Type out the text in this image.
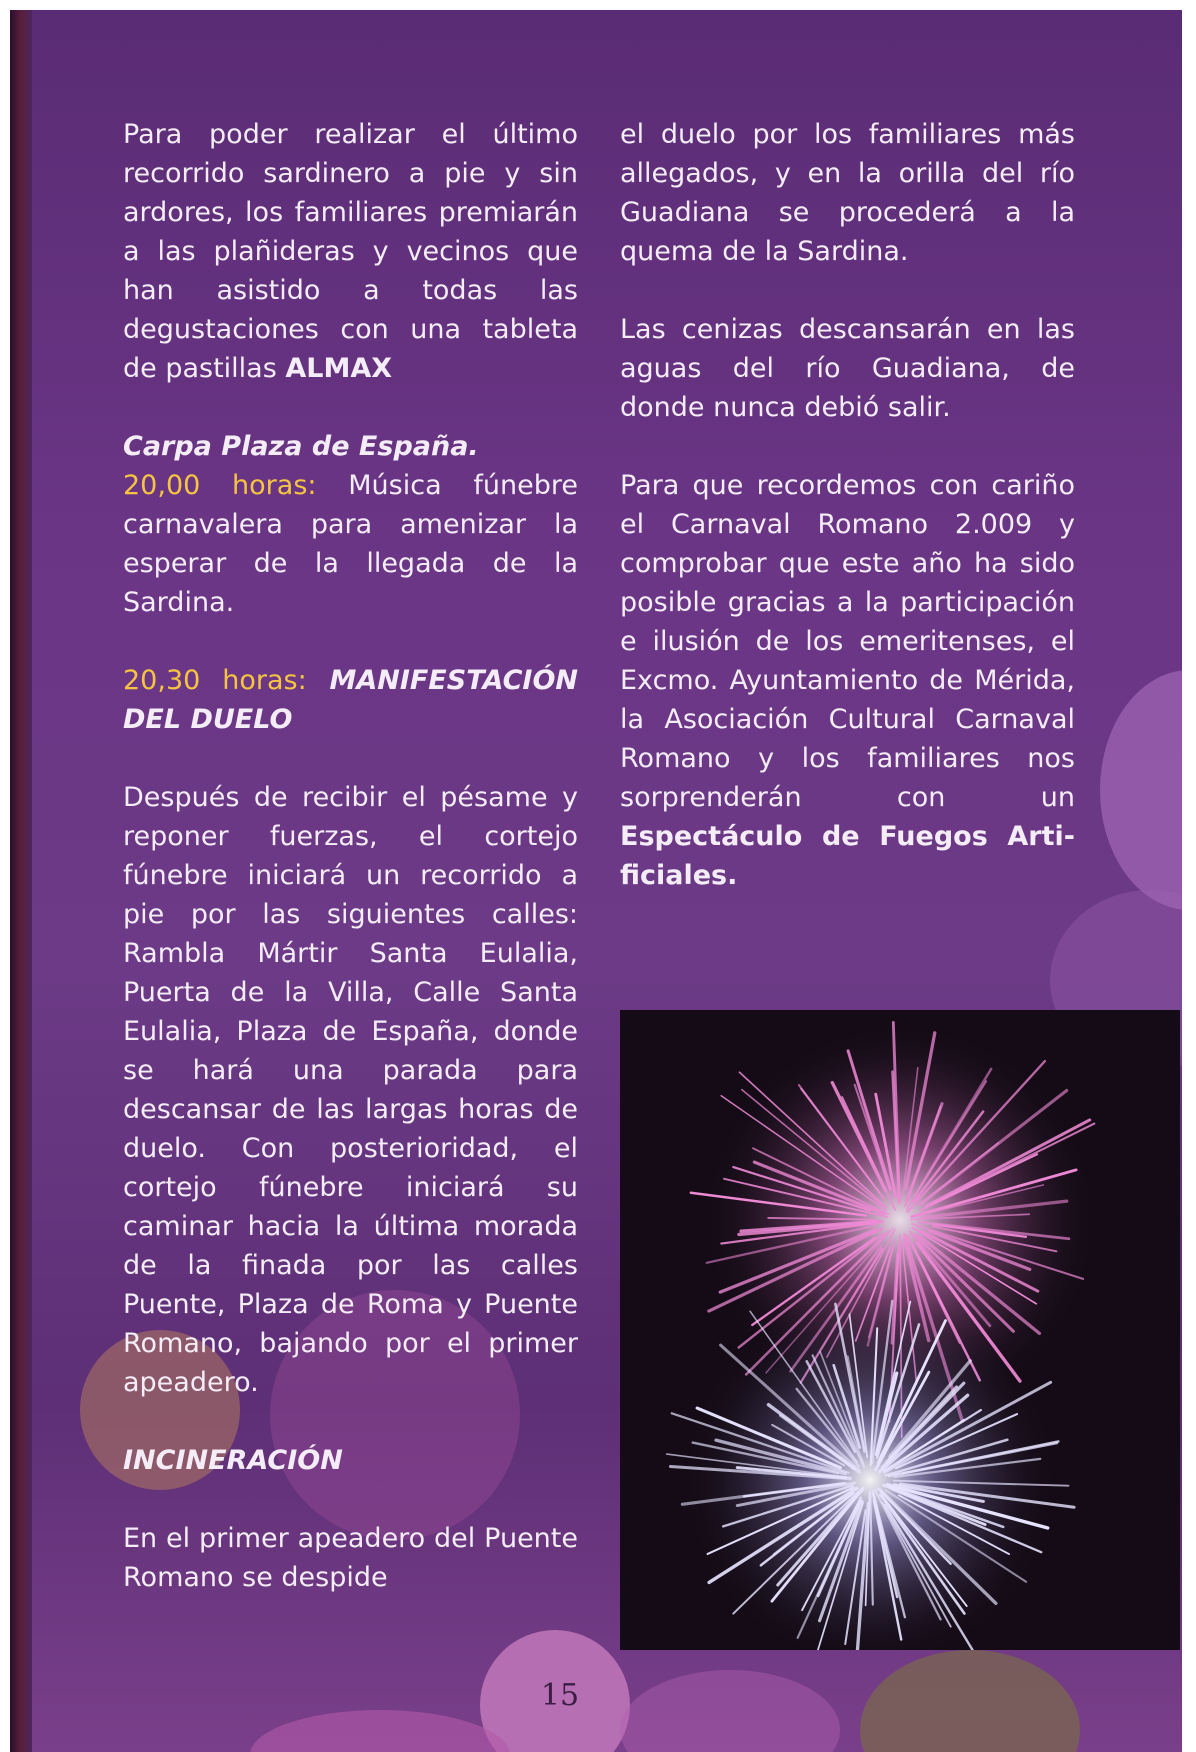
Para poder realizar el último recorrido sardinero a pie y sin ardores, los familiares premiarán a las plañideras y vecinos que han asistido a todas las degustaciones con una tableta de pastillas ALMAX

Carpa Plaza de España.

20,00 horas: Música fúnebre carnavalera para amenizar la esperar de la llegada de la Sardina.

20,30 horas: MANIFESTACIÓN DEL DUELO

Después de recibir el pésame y reponer fuerzas, el cortejo fúnebre iniciará un recorrido a pie por las siguientes calles: Rambla Mártir Santa Eulalia, Puerta de la Villa, Calle Santa Eulalia, Plaza de España, donde se hará una parada para descansar de las largas horas de duelo. Con posterioridad, el cortejo fúnebre iniciará su caminar hacia la última morada de la finada por las calles Puente, Plaza de Roma y Puente Romano, bajando por el primer apeadero.

INCINERACIÓN

En el primer apeadero del Puente Romano se despide

el duelo por los familiares más allegados, y en la orilla del río Guadiana se procederá a la quema de la Sardina.

Las cenizas descansarán en las aguas del río Guadiana, de donde nunca debió salir.

Para que recordemos con cariño el Carnaval Romano 2.009 y comprobar que este año ha sido posible gracias a la participación e ilusión de los emeritenses, el Excmo. Ayuntamiento de Mérida, la Asociación Cultural Carnaval Romano y los familiares nos sorprenderán con un Espectáculo de Fuegos Artificiales.

15
